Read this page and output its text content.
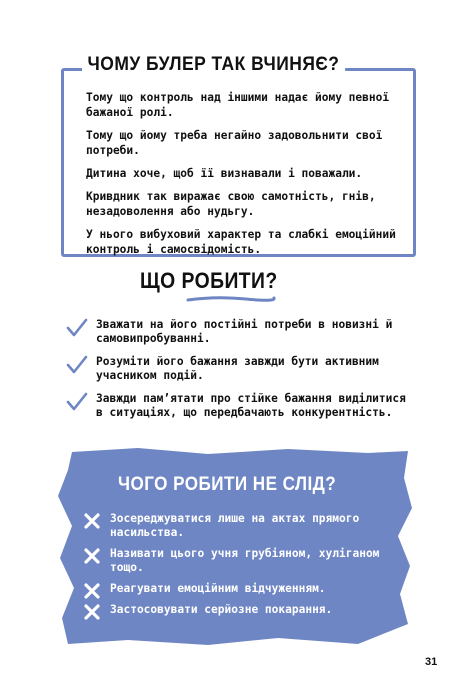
ЧОМУ БУЛЕР ТАК ВЧИНЯЄ?

Тому що контроль над іншими надає йому певної бажаної ролі.

Тому що йому треба негайно задовольнити свої потреби.

Дитина хоче, щоб її визнавали і поважали.

Кривдник так виражає свою самотність, гнів, незадоволення або нудьгу.

У нього вибуховий характер та слабкі емоційний контроль і самосвідомість.

ЩО РОБИТИ?
Зважати на його постійні потреби в новизні й самовипробуванні.
Розуміти його бажання завжди бути активним учасником подій.
Завжди пам’ятати про стійке бажання виділитися в ситуаціях, що передбачають конкурентність.
ЧОГО РОБИТИ НЕ СЛІД?
Зосереджуватися лише на актах прямого насильства.
Називати цього учня грубіяном, хуліганом тощо.
Реагувати емоційним відчуженням.
Застосовувати серйозне покарання.
31
